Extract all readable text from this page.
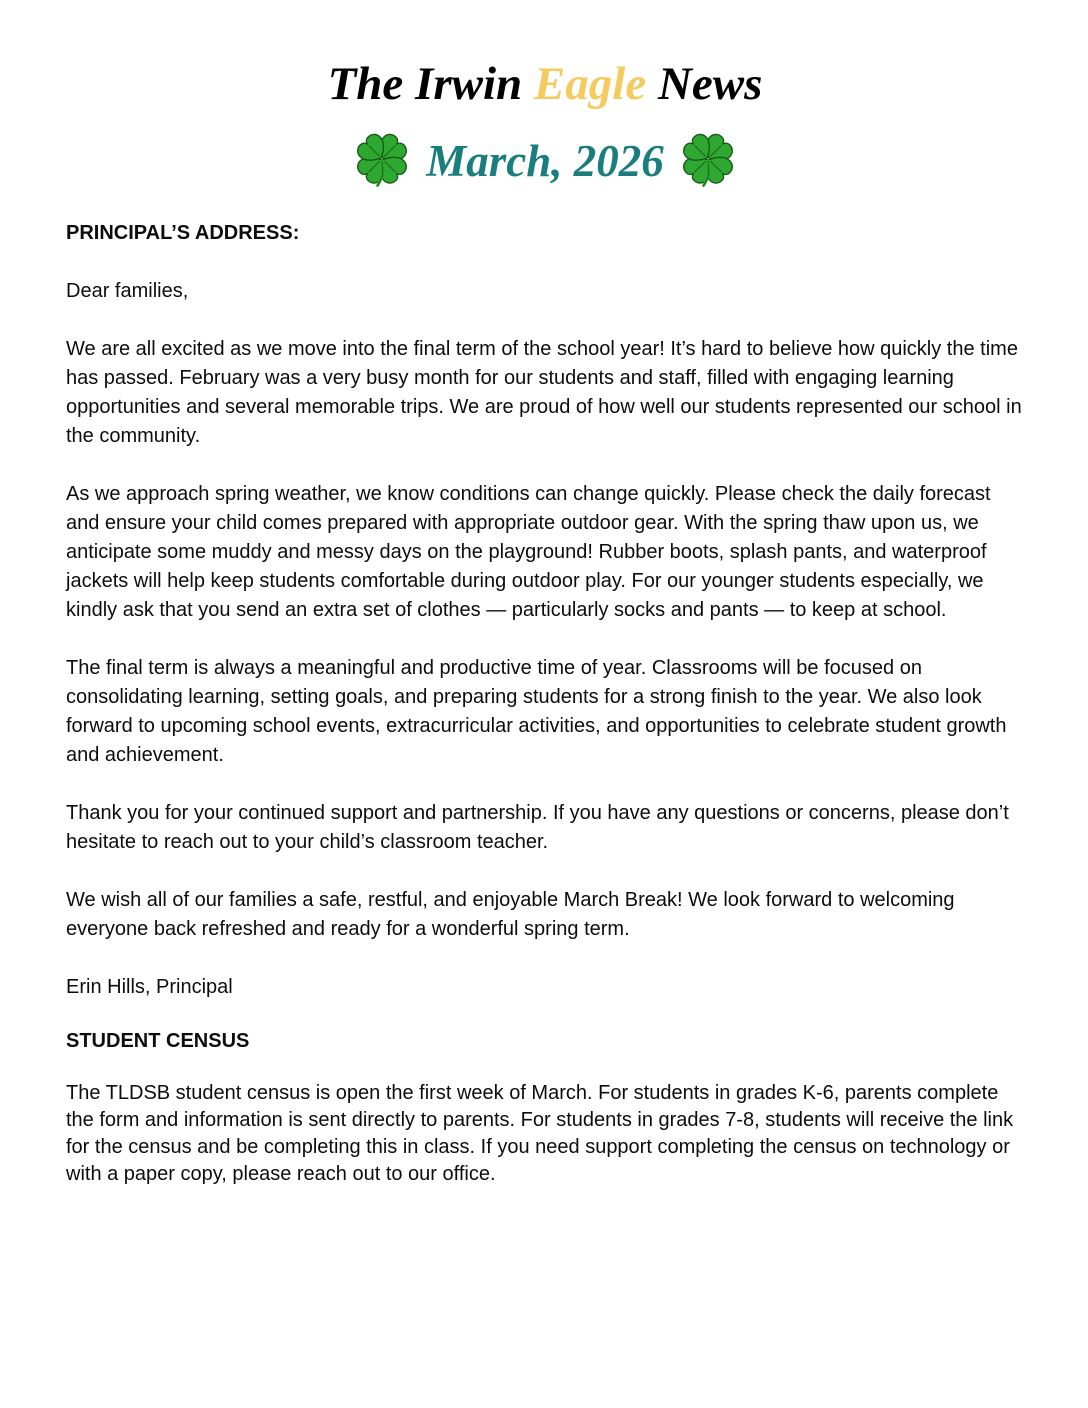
The Irwin Eagle News
March, 2026
PRINCIPAL’S ADDRESS:

Dear families,

We are all excited as we move into the final term of the school year! It’s hard to believe how quickly the time has passed. February was a very busy month for our students and staff, filled with engaging learning opportunities and several memorable trips. We are proud of how well our students represented our school in the community.

As we approach spring weather, we know conditions can change quickly. Please check the daily forecast and ensure your child comes prepared with appropriate outdoor gear. With the spring thaw upon us, we anticipate some muddy and messy days on the playground! Rubber boots, splash pants, and waterproof jackets will help keep students comfortable during outdoor play. For our younger students especially, we kindly ask that you send an extra set of clothes — particularly socks and pants — to keep at school.

The final term is always a meaningful and productive time of year. Classrooms will be focused on consolidating learning, setting goals, and preparing students for a strong finish to the year. We also look forward to upcoming school events, extracurricular activities, and opportunities to celebrate student growth and achievement.

Thank you for your continued support and partnership. If you have any questions or concerns, please don’t hesitate to reach out to your child’s classroom teacher.

We wish all of our families a safe, restful, and enjoyable March Break! We look forward to welcoming everyone back refreshed and ready for a wonderful spring term.

Erin Hills, Principal

STUDENT CENSUS

The TLDSB student census is open the first week of March. For students in grades K-6, parents complete the form and information is sent directly to parents. For students in grades 7-8, students will receive the link for the census and be completing this in class. If you need support completing the census on technology or with a paper copy, please reach out to our office.
